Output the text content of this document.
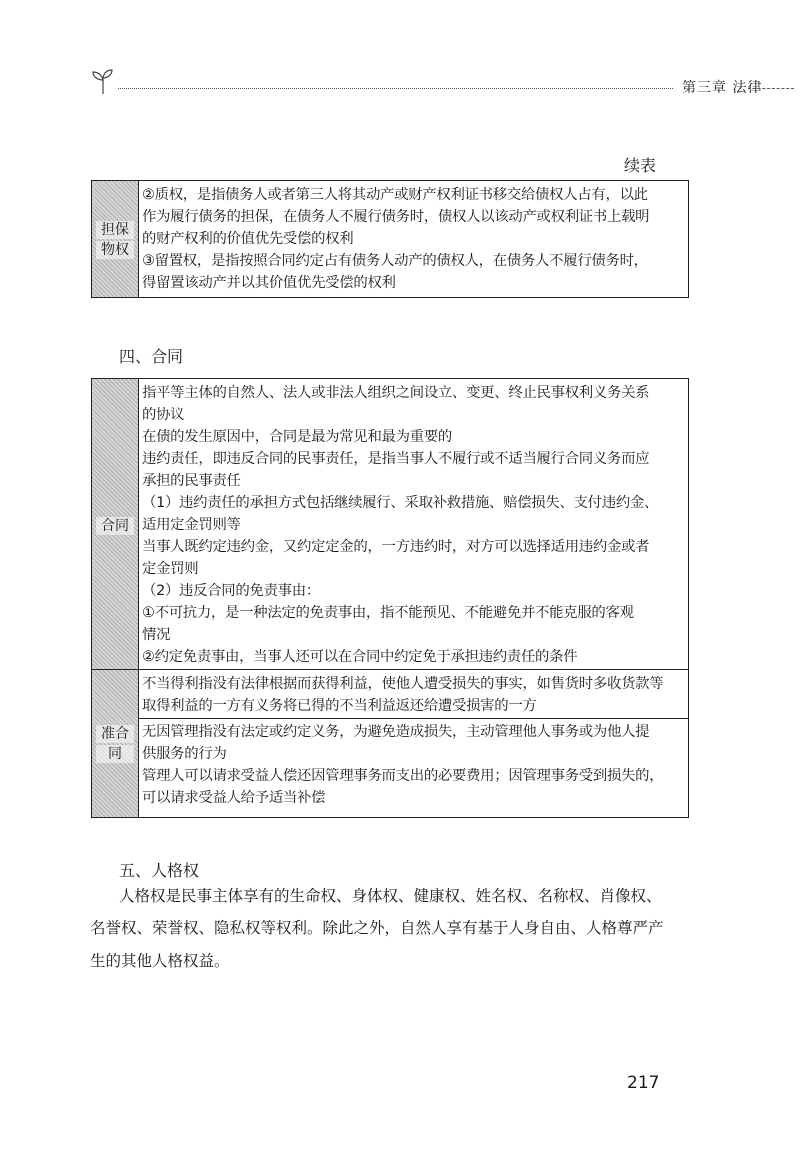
第三章 法律
续表
担保
物权
②质权，是指债务人或者第三人将其动产或财产权利证书移交给债权人占有，以此
作为履行债务的担保，在债务人不履行债务时，债权人以该动产或权利证书上载明
的财产权利的价值优先受偿的权利
③留置权，是指按照合同约定占有债务人动产的债权人，在债务人不履行债务时，
得留置该动产并以其价值优先受偿的权利
四、合同
合同
准合
同
指平等主体的自然人、法人或非法人组织之间设立、变更、终止民事权利义务关系
的协议
在债的发生原因中，合同是最为常见和最为重要的
违约责任，即违反合同的民事责任，是指当事人不履行或不适当履行合同义务而应
承担的民事责任
（1）违约责任的承担方式包括继续履行、采取补救措施、赔偿损失、支付违约金、
适用定金罚则等
当事人既约定违约金，又约定定金的，一方违约时，对方可以选择适用违约金或者
定金罚则
（2）违反合同的免责事由：
①不可抗力，是一种法定的免责事由，指不能预见、不能避免并不能克服的客观
情况
②约定免责事由，当事人还可以在合同中约定免于承担违约责任的条件
不当得利指没有法律根据而获得利益，使他人遭受损失的事实，如售货时多收货款等
取得利益的一方有义务将已得的不当利益返还给遭受损害的一方
无因管理指没有法定或约定义务，为避免造成损失，主动管理他人事务或为他人提
供服务的行为
管理人可以请求受益人偿还因管理事务而支出的必要费用；因管理事务受到损失的，
可以请求受益人给予适当补偿
五、人格权
人格权是民事主体享有的生命权、身体权、健康权、姓名权、名称权、肖像权、
名誉权、荣誉权、隐私权等权利。除此之外，自然人享有基于人身自由、人格尊严产
生的其他人格权益。
217
